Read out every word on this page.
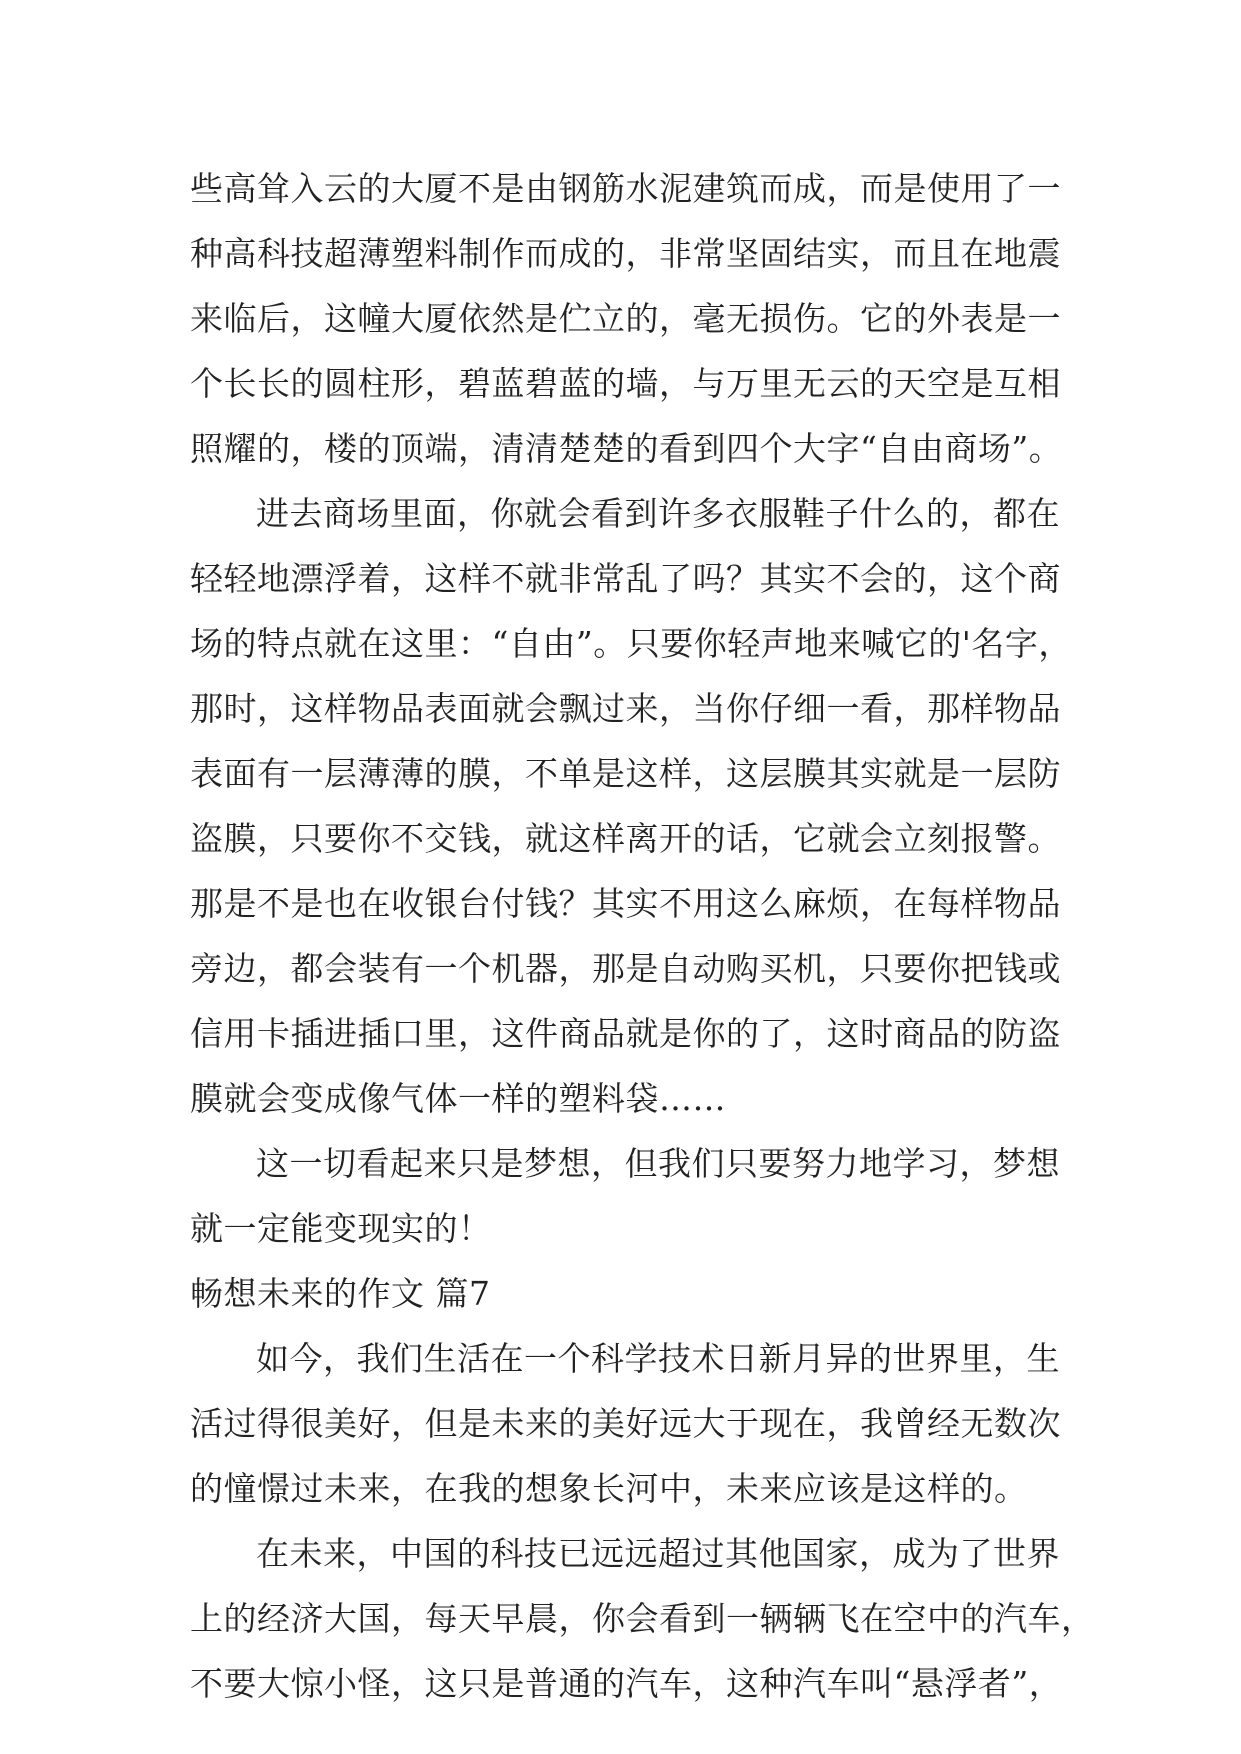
些高耸入云的大厦不是由钢筋水泥建筑而成，而是使用了一
种高科技超薄塑料制作而成的，非常坚固结实，而且在地震
来临后，这幢大厦依然是伫立的，毫无损伤。它的外表是一
个长长的圆柱形，碧蓝碧蓝的墙，与万里无云的天空是互相
照耀的，楼的顶端，清清楚楚的看到四个大字“自由商场”。
进去商场里面，你就会看到许多衣服鞋子什么的，都在
轻轻地漂浮着，这样不就非常乱了吗？其实不会的，这个商
场的特点就在这里：“自由”。只要你轻声地来喊它的'名字，
那时，这样物品表面就会飘过来，当你仔细一看，那样物品
表面有一层薄薄的膜，不单是这样，这层膜其实就是一层防
盗膜，只要你不交钱，就这样离开的话，它就会立刻报警。
那是不是也在收银台付钱？其实不用这么麻烦，在每样物品
旁边，都会装有一个机器，那是自动购买机，只要你把钱或
信用卡插进插口里，这件商品就是你的了，这时商品的防盗
膜就会变成像气体一样的塑料袋……
这一切看起来只是梦想，但我们只要努力地学习，梦想
就一定能变现实的！
畅想未来的作文 篇7
如今，我们生活在一个科学技术日新月异的世界里，生
活过得很美好，但是未来的美好远大于现在，我曾经无数次
的憧憬过未来，在我的想象长河中，未来应该是这样的。
在未来，中国的科技已远远超过其他国家，成为了世界
上的经济大国，每天早晨，你会看到一辆辆飞在空中的汽车，
不要大惊小怪，这只是普通的汽车，这种汽车叫“悬浮者”，
